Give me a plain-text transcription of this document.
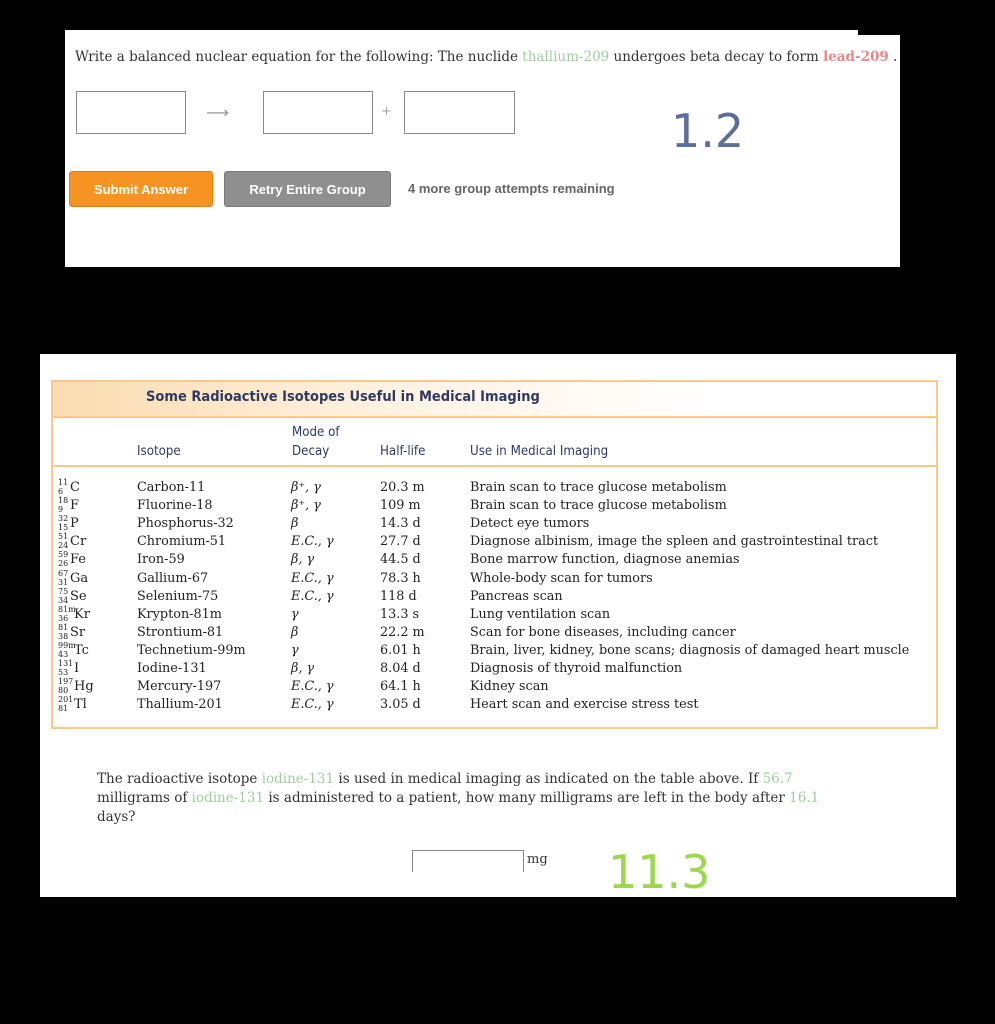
Write a balanced nuclear equation for the following: The nuclide thallium-209 undergoes beta decay to form lead-209 .
⟶	+	1.2
Submit Answer	Retry Entire Group	4 more group attempts remaining
Some Radioactive Isotopes Useful in Medical Imaging
Isotope
Mode of
Decay	Half-life	Use in Medical Imaging
11
6 C	Carbon-11	β⁺, γ	20.3 m	Brain scan to trace glucose metabolism
18
9 F	Fluorine-18	β⁺, γ	109 m	Brain scan to trace glucose metabolism
32
15 P	Phosphorus-32	β	14.3 d	Detect eye tumors
51
24 Cr	Chromium-51	E.C., γ	27.7 d	Diagnose albinism, image the spleen and gastrointestinal tract
59
26 Fe	Iron-59	β, γ	44.5 d	Bone marrow function, diagnose anemias
67
31 Ga	Gallium-67	E.C., γ	78.3 h	Whole-body scan for tumors
75
34 Se	Selenium-75	E.C., γ	118 d	Pancreas scan
81m
36 Kr	Krypton-81m	γ	13.3 s	Lung ventilation scan
81
38 Sr	Strontium-81	β	22.2 m	Scan for bone diseases, including cancer
99m
43 Tc	Technetium-99m	γ	6.01 h	Brain, liver, kidney, bone scans; diagnosis of damaged heart muscle
131
53 I	Iodine-131	β, γ	8.04 d	Diagnosis of thyroid malfunction
197
80 Hg	Mercury-197	E.C., γ	64.1 h	Kidney scan
201
81 Tl	Thallium-201	E.C., γ	3.05 d	Heart scan and exercise stress test
The radioactive isotope iodine-131 is used in medical imaging as indicated on the table above. If 56.7 milligrams of iodine-131 is administered to a patient, how many milligrams are left in the body after 16.1 days?
mg 11.3
